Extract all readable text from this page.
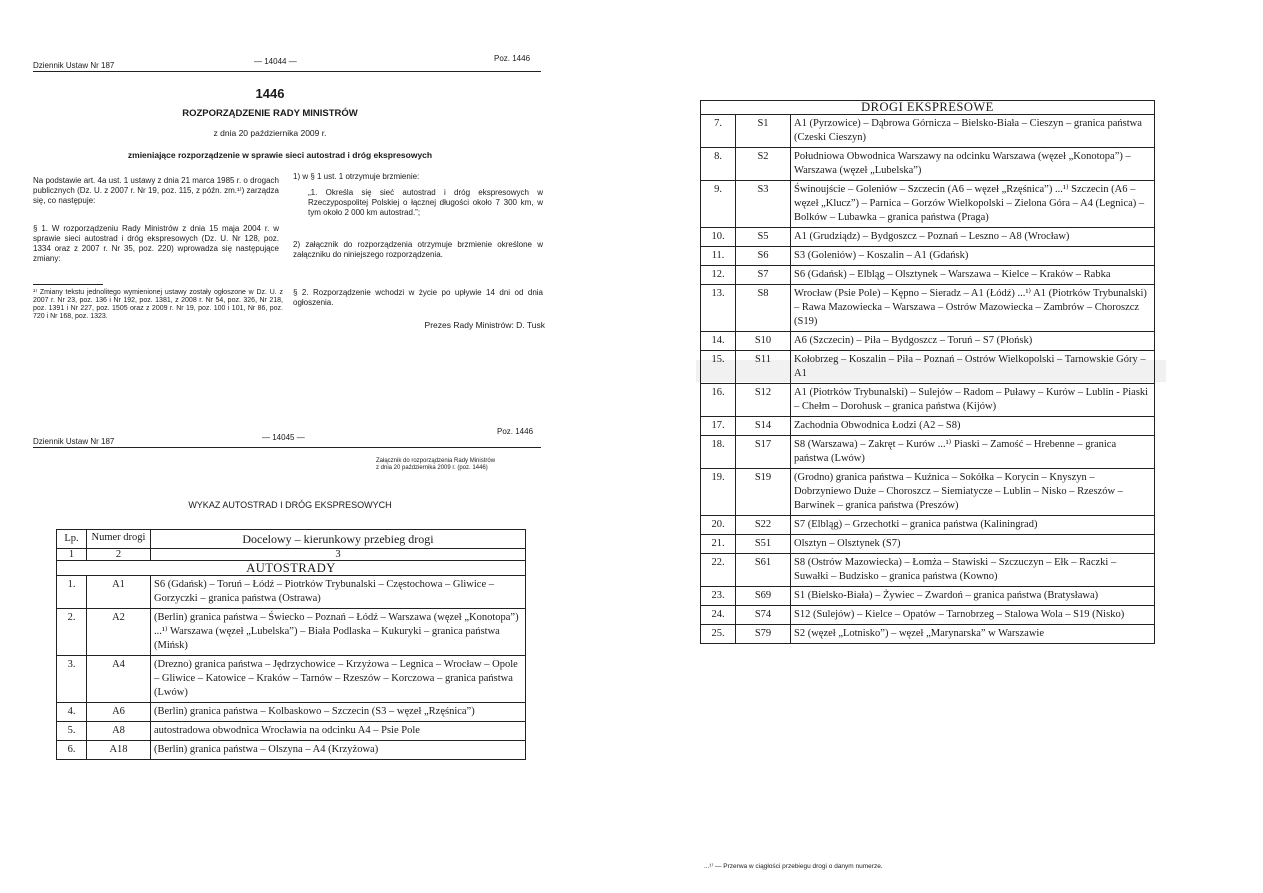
Dziennik Ustaw Nr 187	— 14044 —	Poz. 1446
1446
ROZPORZĄDZENIE RADY MINISTRÓW
z dnia 20 października 2009 r.
zmieniające rozporządzenie w sprawie sieci autostrad i dróg ekspresowych

Na podstawie art. 4a ust. 1 ustawy z dnia 21 marca 1985 r. o drogach publicznych (Dz. U. z 2007 r. Nr 19, poz. 115, z późn. zm.¹⁾) zarządza się, co następuje:

§ 1. W rozporządzeniu Rady Ministrów z dnia 15 maja 2004 r. w sprawie sieci autostrad i dróg ekspresowych (Dz. U. Nr 128, poz. 1334 oraz z 2007 r. Nr 35, poz. 220) wprowadza się następujące zmiany:

¹⁾ Zmiany tekstu jednolitego wymienionej ustawy zostały ogłoszone w Dz. U. z 2007 r. Nr 23, poz. 136 i Nr 192, poz. 1381, z 2008 r. Nr 54, poz. 326, Nr 218, poz. 1391 i Nr 227, poz. 1505 oraz z 2009 r. Nr 19, poz. 100 i 101, Nr 86, poz. 720 i Nr 168, poz. 1323.

1) w § 1 ust. 1 otrzymuje brzmienie:

„1. Określa się sieć autostrad i dróg ekspresowych w Rzeczypospolitej Polskiej o łącznej długości około 7 300 km, w tym około 2 000 km autostrad.”;

2) załącznik do rozporządzenia otrzymuje brzmienie określone w załączniku do niniejszego rozporządzenia.

§ 2. Rozporządzenie wchodzi w życie po upływie 14 dni od dnia ogłoszenia.

Prezes Rady Ministrów: D. Tusk
Dziennik Ustaw Nr 187	— 14045 —
Poz. 1446
Załącznik do rozporządzenia Rady Ministrów
z dnia 20 października 2009 r. (poz. 1446)
WYKAZ AUTOSTRAD I DRÓG EKSPRESOWYCH
Lp.	Numer drogi	Docelowy – kierunkowy przebieg drogi
1	2	3
AUTOSTRADY		
1.	A1	S6 (Gdańsk) – Toruń – Łódź – Piotrków Trybunalski – Częstochowa – Gliwice – Gorzyczki – granica państwa (Ostrawa)
2.	A2	(Berlin) granica państwa – Świecko – Poznań – Łódź – Warszawa (węzeł „Konotopa”) ...¹⁾ Warszawa (węzeł „Lubelska”) – Biała Podlaska – Kukuryki – granica państwa (Mińsk)
3.	A4	(Drezno) granica państwa – Jędrzychowice – Krzyżowa – Legnica – Wrocław – Opole – Gliwice – Katowice – Kraków – Tarnów – Rzeszów – Korczowa – granica państwa (Lwów)
4.	A6	(Berlin) granica państwa – Kolbaskowo – Szczecin (S3 – węzeł „Rzęśnica”)
5.	A8	autostradowa obwodnica Wrocławia na odcinku A4 – Psie Pole
6.	A18	(Berlin) granica państwa – Olszyna – A4 (Krzyżowa)
DROGI EKSPRESOWE		
7.	S1	A1 (Pyrzowice) – Dąbrowa Górnicza – Bielsko-Biała – Cieszyn – granica państwa (Czeski Cieszyn)
8.	S2	Południowa Obwodnica Warszawy na odcinku Warszawa (węzeł „Konotopa”) – Warszawa (węzeł „Lubelska”)
9.	S3	Świnoujście – Goleniów – Szczecin (A6 – węzeł „Rzęśnica”) ...¹⁾ Szczecin (A6 – węzeł „Klucz”) – Parnica – Gorzów Wielkopolski – Zielona Góra – A4 (Legnica) – Bolków – Lubawka – granica państwa (Praga)
10.	S5	A1 (Grudziądz) – Bydgoszcz – Poznań – Leszno – A8 (Wrocław)
11.	S6	S3 (Goleniów) – Koszalin – A1 (Gdańsk)
12.	S7	S6 (Gdańsk) – Elbląg – Olsztynek – Warszawa – Kielce – Kraków – Rabka
13.	S8	Wrocław (Psie Pole) – Kępno – Sieradz – A1 (Łódź) ...¹⁾ A1 (Piotrków Trybunalski) – Rawa Mazowiecka – Warszawa – Ostrów Mazowiecka – Zambrów – Choroszcz (S19)
14.	S10	A6 (Szczecin) – Piła – Bydgoszcz – Toruń – S7 (Płońsk)
15.	S11	Kołobrzeg – Koszalin – Piła – Poznań – Ostrów Wielkopolski – Tarnowskie Góry – A1
16.	S12	A1 (Piotrków Trybunalski) – Sulejów – Radom – Puławy – Kurów – Lublin - Piaski – Chełm – Dorohusk – granica państwa (Kijów)
17.	S14	Zachodnia Obwodnica Łodzi (A2 – S8)
18.	S17	S8 (Warszawa) – Zakręt – Kurów ...¹⁾ Piaski – Zamość – Hrebenne – granica państwa (Lwów)
19.	S19	(Grodno) granica państwa – Kuźnica – Sokółka – Korycin – Knyszyn – Dobrzyniewo Duże – Choroszcz – Siemiatycze – Lublin – Nisko – Rzeszów – Barwinek – granica państwa (Preszów)
20.	S22	S7 (Elbląg) – Grzechotki – granica państwa (Kaliningrad)
21.	S51	Olsztyn – Olsztynek (S7)
22.	S61	S8 (Ostrów Mazowiecka) – Łomża – Stawiski – Szczuczyn – Ełk – Raczki – Suwałki – Budzisko – granica państwa (Kowno)
23.	S69	S1 (Bielsko-Biała) – Żywiec – Zwardoń – granica państwa (Bratysława)
24.	S74	S12 (Sulejów) – Kielce – Opatów – Tarnobrzeg – Stalowa Wola – S19 (Nisko)
25.	S79	S2 (węzeł „Lotnisko”) – węzeł „Marynarska” w Warszawie
...¹⁾ — Przerwa w ciągłości przebiegu drogi o danym numerze.
